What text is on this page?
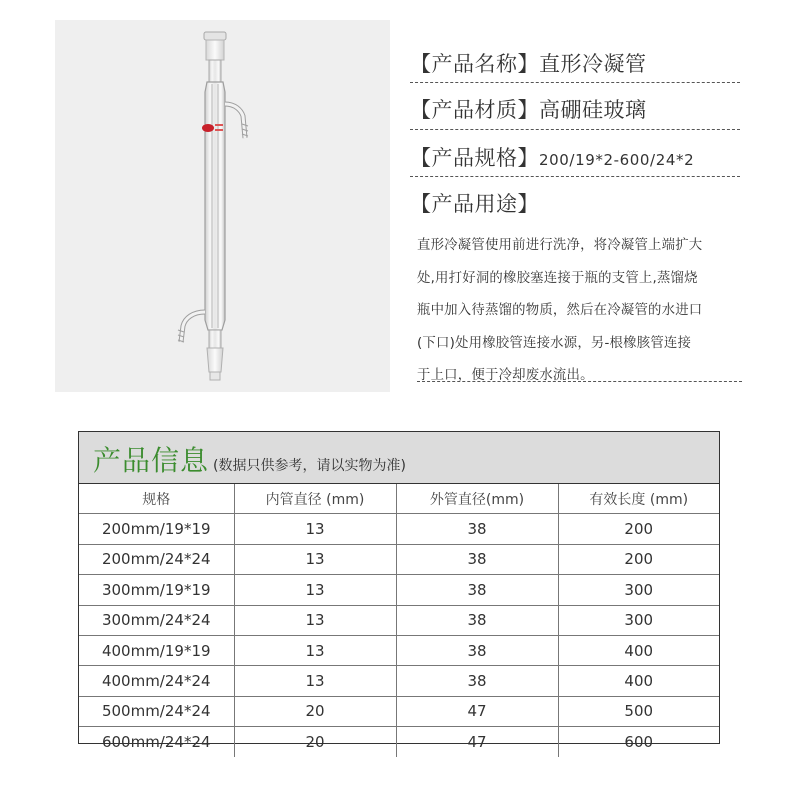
【产品名称】直形冷凝管
【产品材质】高硼硅玻璃
【产品规格】200/19*2-600/24*2
【产品用途】
直形冷凝管使用前进行洗净，将冷凝管上端扩大
处,用打好洞的橡胶塞连接于瓶的支管上,蒸馏烧
瓶中加入待蒸馏的物质，然后在冷凝管的水进口
(下口)处用橡胶管连接水源，另-根橡胲管连接
于上口，便于冷却废水流出。
产品信息 (数据只供参考，请以实物为准)
规格	内管直径 (mm)	外管直径(mm)	有效长度 (mm)
200mm/19*19	13	38	200
200mm/24*24	13	38	200
300mm/19*19	13	38	300
300mm/24*24	13	38	300
400mm/19*19	13	38	400
400mm/24*24	13	38	400
500mm/24*24	20	47	500
600mm/24*24	20	47	600
